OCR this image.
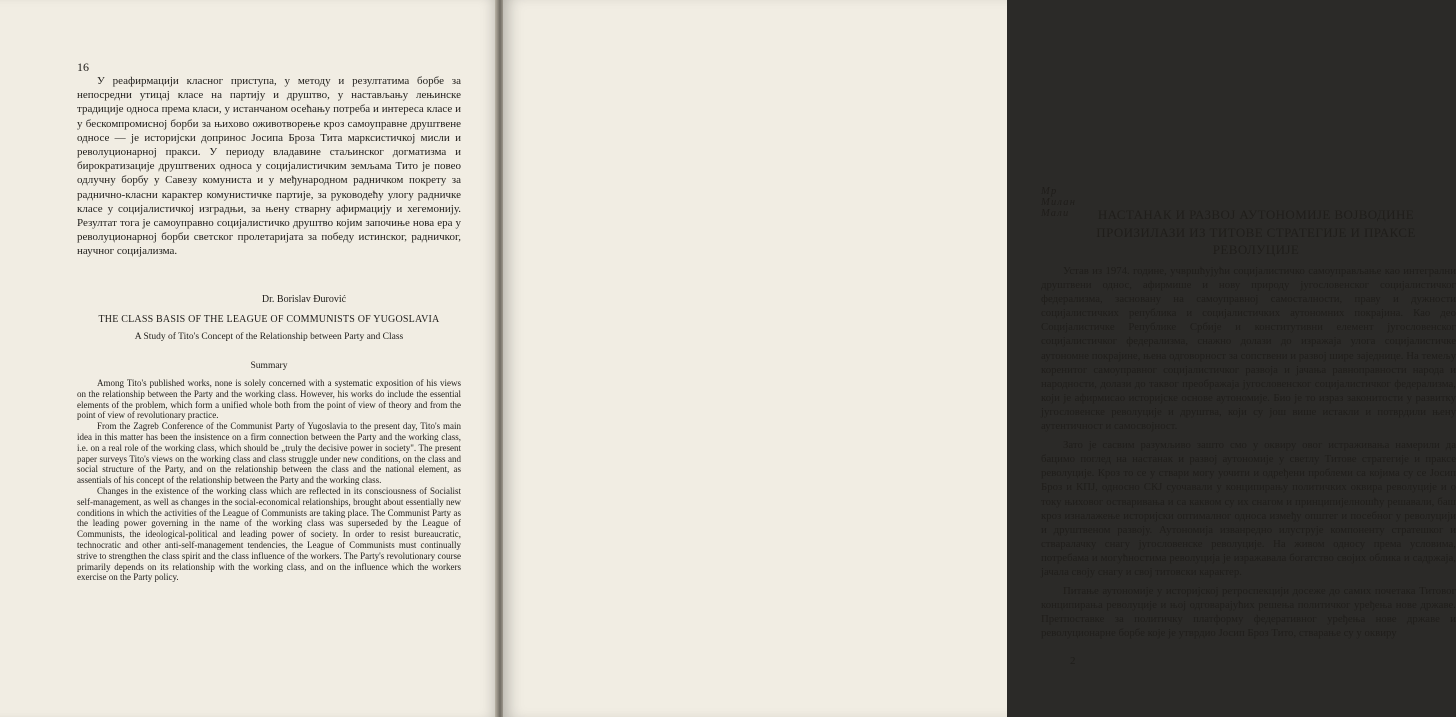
16

У реафирмацији класног приступа, у методу и резултатима борбе за непосредни утицај класе на партију и друштво, у настављању лењинске традиције односа према класи, у истанчаном осећању потреба и интереса класе и у бескомпромисној борби за њихово оживотворење кроз самоуправне друштвене односе — је историјски допринос Јосипа Броза Тита марксистичкој мисли и револуционарној пракси. У периоду владавине стаљинског догматизма и бирократизације друштвених односа у социјалистичким земљама Тито је повео одлучну борбу у Савезу комуниста и у међународном радничком покрету за раднично-класни карактер комунистичке партије, за руководећу улогу радничке класе у социјалистичкој изградњи, за њену стварну афирмацију и хегемонију. Резултат тога је самоуправно социјалистичко друштво којим започиње нова ера у револуционарној борби светског пролетаријата за победу истинског, радничког, научног социјализма.

Dr. Borislav Đurović
THE CLASS BASIS OF THE LEAGUE OF COMMUNISTS OF YUGOSLAVIA
A Study of Tito's Concept of the Relationship between Party and Class
Summary

Among Tito's published works, none is solely concerned with a systematic exposition of his views on the relationship between the Party and the working class. However, his works do include the essential elements of the problem, which form a unified whole both from the point of view of theory and from the point of view of revolutionary practice.

From the Zagreb Conference of the Communist Party of Yugoslavia to the present day, Tito's main idea in this matter has been the insistence on a firm connection between the Party and the working class, i.e. on a real role of the working class, which should be „truly the decisive power in society". The present paper surveys Tito's views on the working class and class struggle under new conditions, on the class and social structure of the Party, and on the relationship between the class and the national element, as assentials of his concept of the relationship between the Party and the working class.

Changes in the existence of the working class which are reflected in its consciousness of Socialist self-management, as well as changes in the social-economical relationships, brought about essentially new conditions in which the activities of the League of Communists are taking place. The Communist Party as the leading power governing in the name of the working class was superseded by the League of Communists, the ideological-political and leading power of society. In order to resist bureaucratic, technocratic and other anti-self-management tendencies, the League of Communists must continually strive to strengthen the class spirit and the class influence of the workers. The Party's revolutionary course primarily depends on its relationship with the working class, and on the influence which the workers exercise on the Party policy.

Мр Милан Мали	НАСТАНАК И РАЗВОЈ АУТОНОМИЈЕ ВОЈВОДИНЕ ПРОИЗИЛАЗИ ИЗ ТИТОВЕ СТРАТЕГИЈЕ И ПРАКСЕ РЕВОЛУЦИЈЕ

Устав из 1974. године, учвршћујући социјалистичко самоуправљање као интегрални друштвени однос, афирмише и нову природу југословенског социјалистичког федерализма, засновану на самоуправној самосталности, праву и дужности социјалистичких република и социјалистичких аутономних покрајина. Као део Социјалистичке Републике Србије и конститутивни елемент југословенског социјалистичког федерализма, снажно долази до изражаја улога социјалистичке аутономне покрајине, њена одговорност за сопствени и развој шире заједнице. На темељу коренитог самоуправног социјалистичког развоја и јачања равноправности народа и народности, долази до таквог преображаја југословенског социјалистичког федерализма, који је афирмисао историјске основе аутономије. Био је то израз законитости у развитку југословенске револуције и друштва, који су још више истакли и потврдили њену аутентичност и самосвојност.

Зато је сасвим разумљиво зашто смо у оквиру овог истраживања намерили да бацимо поглед на настанак и развој аутономије у светлу Титове стратегије и праксе револуције. Кроз то се у ствари могу уочити и одређени проблеми са којима су се Јосип Броз и КПЈ, односно СКЈ суочавали у конципирању политичких оквира револуције и о току њиховог остваривања и са каквом су их снагом и принципијелношћу решавали, баш кроз изналажење историјски оптималног односа између општег и посебног у револуцији и друштвеном развоју. Аутономија изванредно илуструје компоненту стратешког и стваралачку снагу југословенске револуције. На живом односу према условима, потребама и могућностима револуција је изражавала богатство својих облика и садржаја, јачала своју снагу и свој титовски карактер.

Питање аутономије у историјској ретроспекцији досеже до самих почетака Титовог конципирања револуције и њој одговарајућих решења политичког уређења нове државе. Претпоставке за политичку платформу федеративног уређења нове државе и револуционарне борбе које је утврдио Јосип Броз Тито, стварање су у оквиру

2
